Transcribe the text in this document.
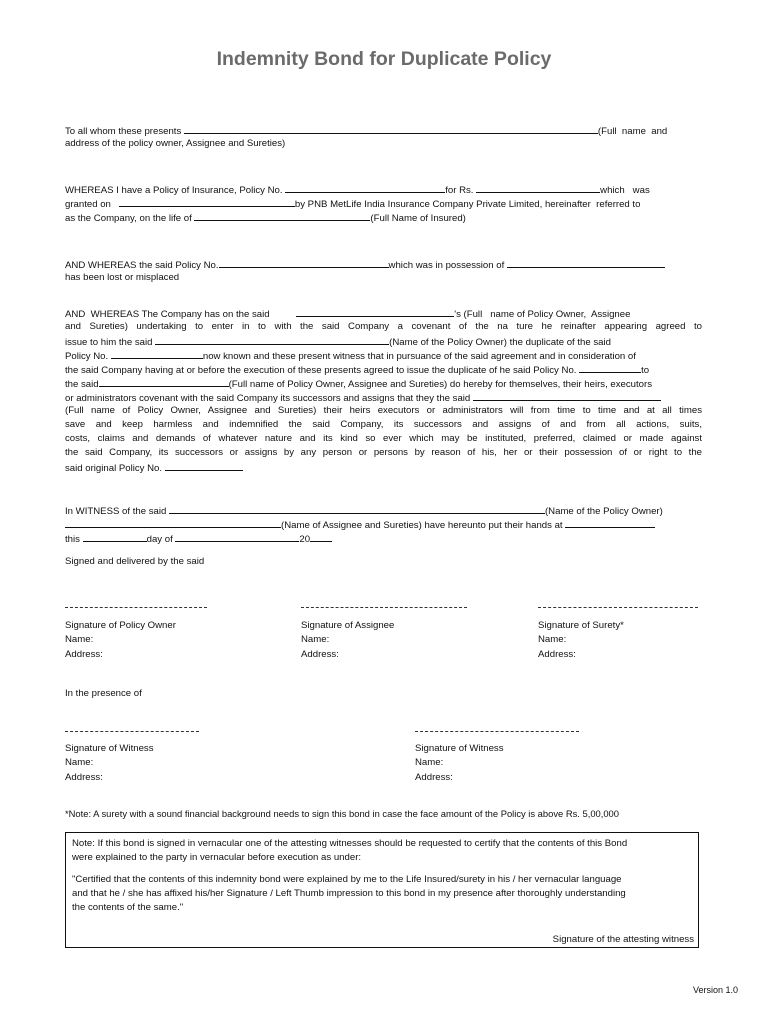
Indemnity Bond for Duplicate Policy
To all whom these presents	(Full  name  and
address of the policy owner, Assignee and Sureties)
WHEREAS I have a Policy of Insurance, Policy No.	for Rs.	which   was
granted on	by PNB MetLife India Insurance Company Private Limited, hereinafter  referred to
as the Company, on the life of	(Full Name of Insured)
AND WHEREAS the said Policy No.	which was in possession of
has been lost or misplaced
AND  WHEREAS The Company has on the said	's (Full   name of Policy Owner,  Assignee
and Sureties) undertaking to enter in to with the said Company a covenant of the na ture he reinafter appearing agreed to
issue to him the said	(Name of the Policy Owner) the duplicate of the said
Policy No.	now known and these present witness that in pursuance of the said agreement and in consideration of
the said Company having at or before the execution of these presents agreed to issue the duplicate of he said Policy No.	to
the said	(Full name of Policy Owner, Assignee and Sureties) do hereby for themselves, their heirs, executors
or administrators covenant with the said Company its successors and assigns that they the said
(Full name of Policy Owner, Assignee and Sureties) their heirs executors or administrators will from time to time and at all times
save and keep harmless and indemnified the said Company, its successors and assigns of and from all actions, suits,
costs, claims and demands of whatever nature and its kind so ever which may be instituted, preferred, claimed or made against
the said Company, its successors or assigns by any person or persons by reason of his, her or their possession of or right to the
said original Policy No.
In WITNESS of the said	(Name of the Policy Owner)
(Name of Assignee and Sureties) have hereunto put their hands at
this	day of	20
Signed and delivered by the said
Signature of Policy Owner
Name:
Address:
Signature of Assignee
Name:
Address:
Signature of Surety*
Name:
Address:
In the presence of
Signature of Witness
Name:
Address:
Signature of Witness
Name:
Address:
*Note: A surety with a sound financial background needs to sign this bond in case the face amount of the Policy is above Rs. 5,00,000
Note: If this bond is signed in vernacular one of the attesting witnesses should be requested to certify that the contents of this Bond
were explained to the party in vernacular before execution as under:
"Certified that the contents of this indemnity bond were explained by me to the Life Insured/surety in his / her vernacular language
and that he / she has affixed his/her Signature / Left Thumb impression to this bond in my presence after thoroughly understanding
the contents of the same."
Signature of the attesting witness
Version 1.0
